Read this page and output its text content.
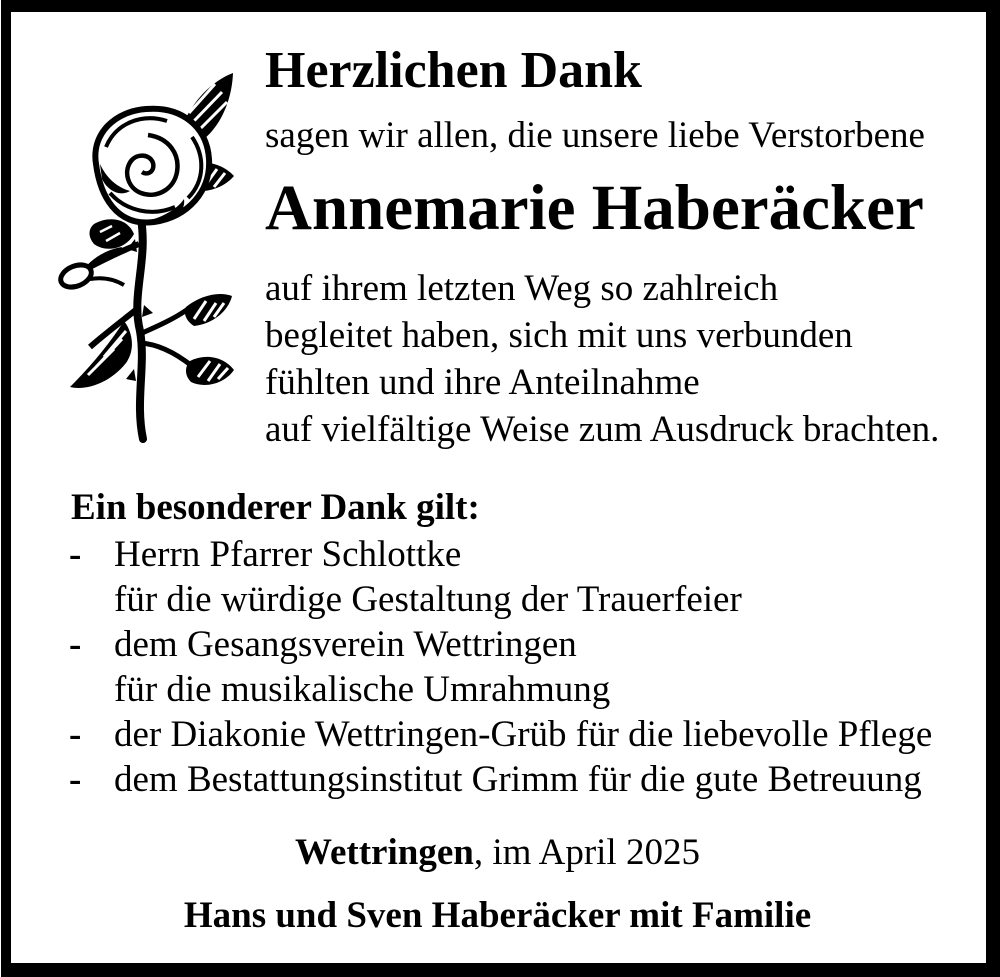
Herzlichen Dank
sagen wir allen, die unsere liebe Verstorbene
Annemarie Haberäcker
auf ihrem letzten Weg so zahlreich
begleitet haben, sich mit uns verbunden
fühlten und ihre Anteilnahme
auf vielfältige Weise zum Ausdruck brachten.
Ein besonderer Dank gilt:
- Herrn Pfarrer Schlottke
für die würdige Gestaltung der Trauerfeier
- dem Gesangsverein Wettringen
für die musikalische Umrahmung
- der Diakonie Wettringen-Grüb für die liebevolle Pflege
- dem Bestattungsinstitut Grimm für die gute Betreuung
Wettringen, im April 2025
Hans und Sven Haberäcker mit Familie
